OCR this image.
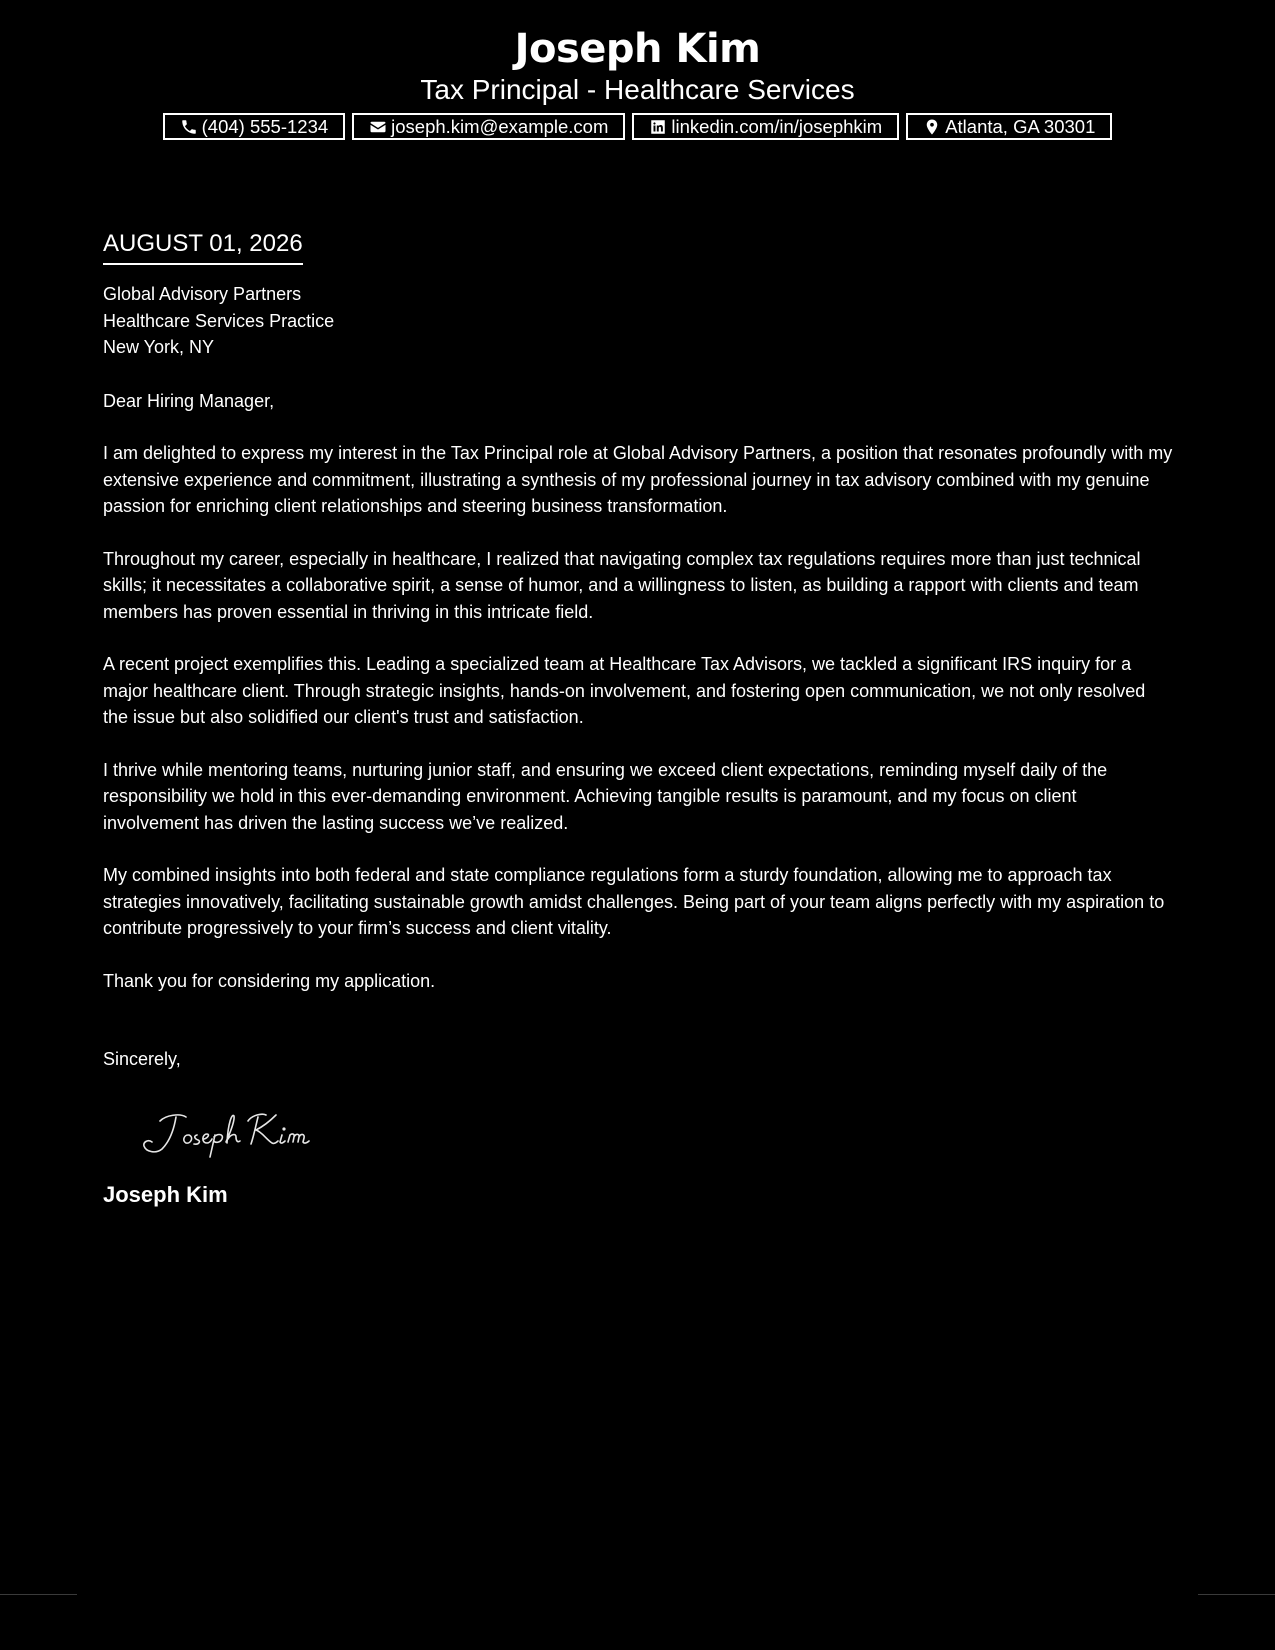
Joseph Kim
Tax Principal - Healthcare Services
(404) 555-1234	joseph.kim@example.com	linkedin.com/in/josephkim	Atlanta, GA 30301
AUGUST 01, 2026
Global Advisory Partners
Healthcare Services Practice
New York, NY
Dear Hiring Manager,

I am delighted to express my interest in the Tax Principal role at Global Advisory Partners, a position that resonates profoundly with my extensive experience and commitment, illustrating a synthesis of my professional journey in tax advisory combined with my genuine passion for enriching client relationships and steering business transformation.

Throughout my career, especially in healthcare, I realized that navigating complex tax regulations requires more than just technical skills; it necessitates a collaborative spirit, a sense of humor, and a willingness to listen, as building a rapport with clients and team members has proven essential in thriving in this intricate field.

A recent project exemplifies this. Leading a specialized team at Healthcare Tax Advisors, we tackled a significant IRS inquiry for a major healthcare client. Through strategic insights, hands-on involvement, and fostering open communication, we not only resolved the issue but also solidified our client's trust and satisfaction.

I thrive while mentoring teams, nurturing junior staff, and ensuring we exceed client expectations, reminding myself daily of the responsibility we hold in this ever-demanding environment. Achieving tangible results is paramount, and my focus on client involvement has driven the lasting success we’ve realized.

My combined insights into both federal and state compliance regulations form a sturdy foundation, allowing me to approach tax strategies innovatively, facilitating sustainable growth amidst challenges. Being part of your team aligns perfectly with my aspiration to contribute progressively to your firm’s success and client vitality.

Thank you for considering my application.

Sincerely,
Joseph Kim
